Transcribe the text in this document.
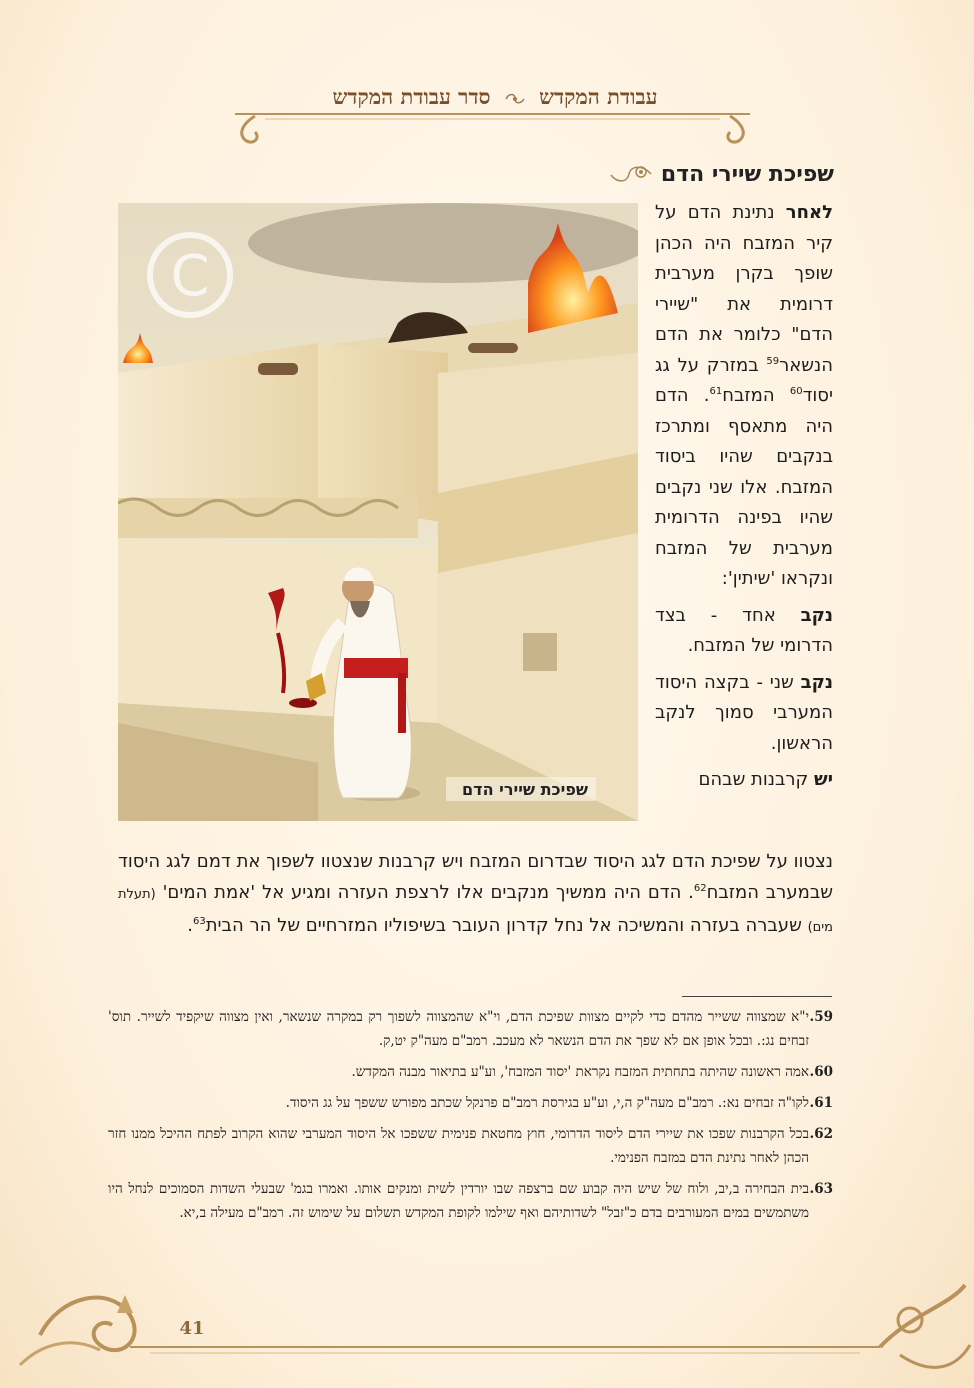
עבודת המקדש  סדר עבודת המקדש
שפיכת שיירי הדם
C
שפיכת שיירי הדם

לאחר נתינת הדם על קיר המזבח היה הכהן שופך בקרן מערבית דרומית את "שיירי הדם" כלומר את הדם הנשאר$^{59}$ במזרק על גג יסוד$^{60}$ המזבח$^{61}$. הדם היה מתאסף ומתרכז בנקבים שהיו ביסוד המזבח. אלו שני נקבים שהיו בפינה הדרומית מערבית של המזבח ונקראו 'שיתין':

נקב אחד - בצד הדרומי של המזבח.

נקב שני - בקצה היסוד המערבי סמוך לנקב הראשון.

יש קרבנות שבהם

נצטוו על שפיכת הדם לגג היסוד שבדרום המזבח ויש קרבנות שנצטוו לשפוך את דמם לגג היסוד שבמערב המזבח$^{62}$. הדם היה ממשיך מנקבים אלו לרצפת העזרה ומגיע אל 'אמת המים' (תעלת מים) שעברה בעזרה והמשיכה אל נחל קדרון העובר בשיפוליו המזרחיים של הר הבית$^{63}$.
59.
י"א שמצווה ששייר מהדם כדי לקיים מצוות שפיכת הדם, וי"א שהמצווה לשפוך רק במקרה שנשאר, ואין מצווה שיקפיד לשייר. תוס' זבחים נג:. ובכל אופן אם לא שפך את הדם הנשאר לא מעכב. רמב"ם מעה"ק יט,ק.
60.
אמה ראשונה שהיתה בתחתית המזבח נקראת 'יסוד המזבח', וע"ע בתיאור מבנה המקדש.
61.
לקו"ה זבחים נא:. רמב"ם מעה"ק ה,י, וע"ע בגירסת רמב"ם פרנקל שכתב מפורש ששפך על גג היסוד.
62.
בכל הקרבנות שפכו את שיירי הדם ליסוד הדרומי, חוץ מחטאת פנימית ששפכו אל היסוד המערבי שהוא הקרוב לפתח ההיכל ממנו חזר הכהן לאחר נתינת הדם במזבח הפנימי.
63.
בית הבחירה ב,יב, ולוח של שיש היה קבוע שם ברצפה שבו יורדין לשית ומנקים אותו. ואמרו בגמ' שבעלי השדות הסמוכים לנחל היו משתמשים במים המעורבים בדם כ"זבל" לשדותיהם ואף שילמו לקופת המקדש תשלום על שימוש זה. רמב"ם מעילה ב,יא.
41
